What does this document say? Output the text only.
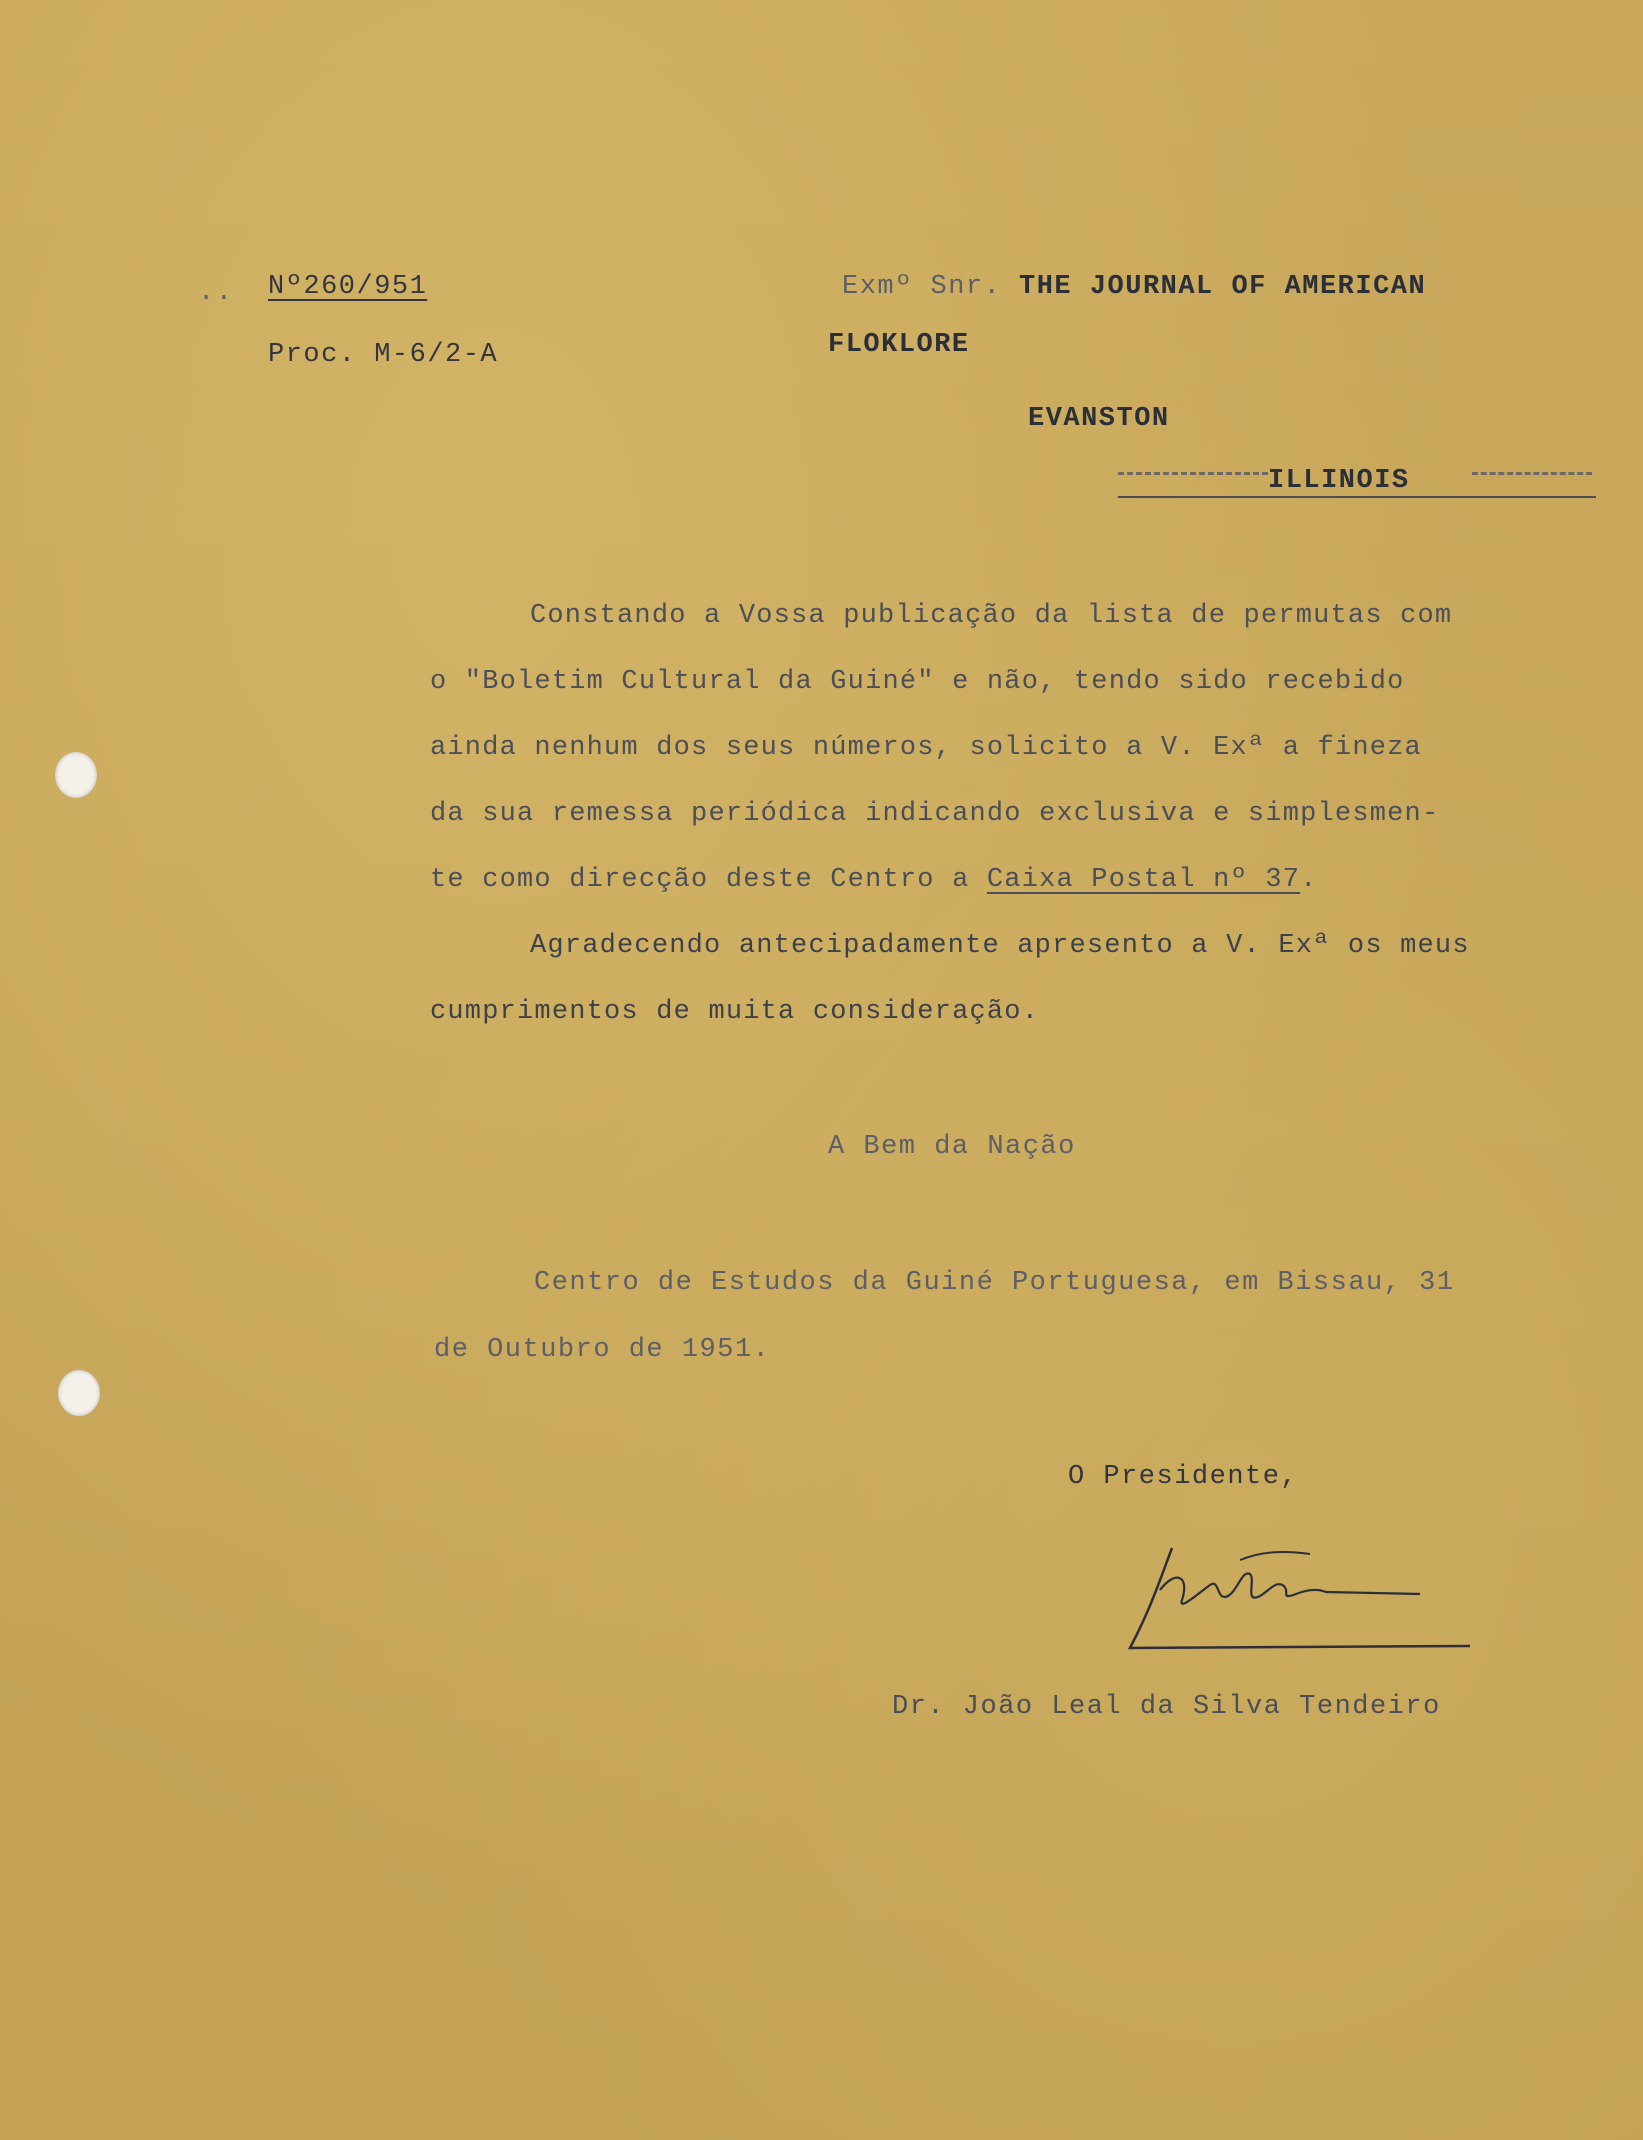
.. Nº260/951
Proc. M-6/2-A
Exmº Snr. THE JOURNAL OF AMERICAN
FLOKLORE
EVANSTON
ILLINOIS
Constando a Vossa publicação da lista de permutas com
o "Boletim Cultural da Guiné" e não, tendo sido recebido
ainda nenhum dos seus números, solicito a V. Exª a fineza
da sua remessa periódica indicando exclusiva e simplesmen-
te como direcção deste Centro a Caixa Postal nº 37.
Agradecendo antecipadamente apresento a V. Exª os meus
cumprimentos de muita consideração.
A Bem da Nação
Centro de Estudos da Guiné Portuguesa, em Bissau, 31
de Outubro de 1951.
O Presidente,
Dr. João Leal da Silva Tendeiro
